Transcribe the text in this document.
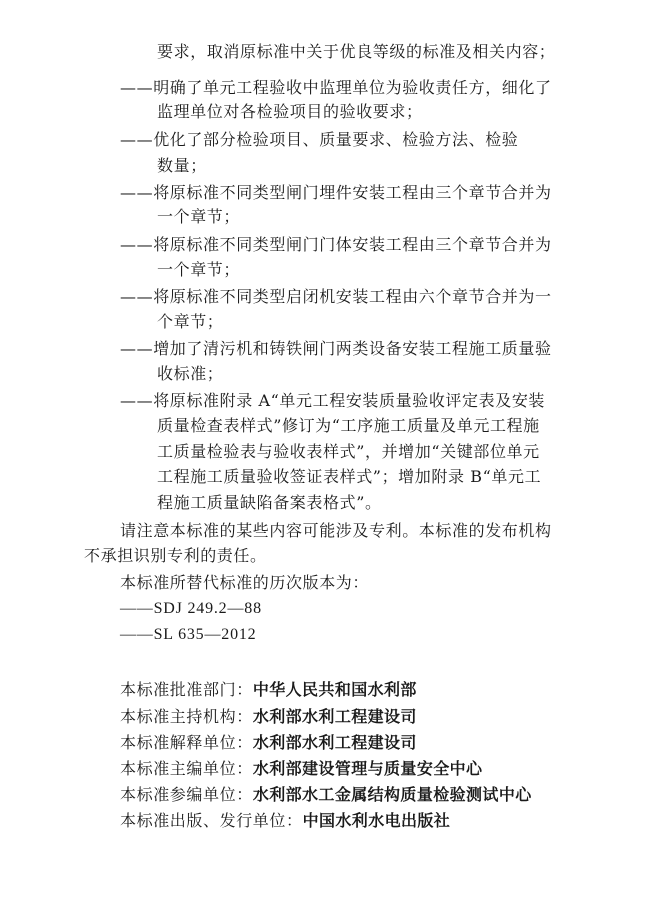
要求，取消原标准中关于优良等级的标准及相关内容；
——明确了单元工程验收中监理单位为验收责任方，细化了
监理单位对各检验项目的验收要求；
——优化了部分检验项目、质量要求、检验方法、检验
数量；
——将原标准不同类型闸门埋件安装工程由三个章节合并为
一个章节；
——将原标准不同类型闸门门体安装工程由三个章节合并为
一个章节；
——将原标准不同类型启闭机安装工程由六个章节合并为一
个章节；
——增加了清污机和铸铁闸门两类设备安装工程施工质量验
收标准；
——将原标准附录 A“单元工程安装质量验收评定表及安装
质量检查表样式”修订为“工序施工质量及单元工程施
工质量检验表与验收表样式”，并增加“关键部位单元
工程施工质量验收签证表样式”；增加附录 B“单元工
程施工质量缺陷备案表格式”。
请注意本标准的某些内容可能涉及专利。本标准的发布机构
不承担识别专利的责任。
本标准所替代标准的历次版本为：
——SDJ 249.2—88
——SL 635—2012
本标准批准部门：中华人民共和国水利部
本标准主持机构：水利部水利工程建设司
本标准解释单位：水利部水利工程建设司
本标准主编单位：水利部建设管理与质量安全中心
本标准参编单位：水利部水工金属结构质量检验测试中心
本标准出版、发行单位：中国水利水电出版社
